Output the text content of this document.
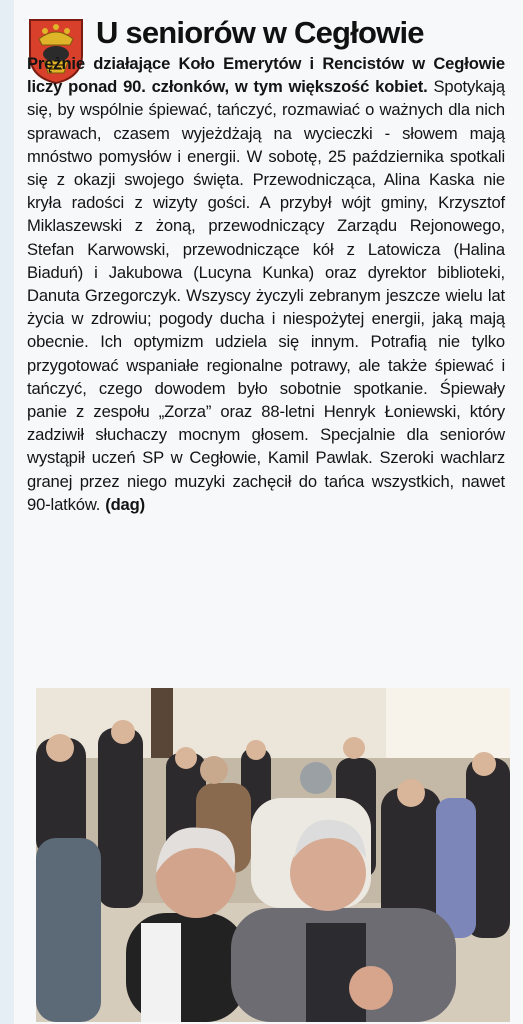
U seniorów w Cegłowie

Prężnie działające Koło Emerytów i Rencistów w Cegłowie liczy ponad 90. członków, w tym większość kobiet. Spotykają się, by wspólnie śpiewać, tańczyć, rozmawiać o ważnych dla nich sprawach, czasem wyjeżdżają na wycieczki - słowem mają mnóstwo pomysłów i energii. W sobotę, 25 października spotkali się z okazji swojego święta. Przewodnicząca, Alina Kaska nie kryła radości z wizyty gości. A przybył wójt gminy, Krzysztof Miklaszewski z żoną, przewodniczący Zarządu Rejonowego, Stefan Karwowski, przewodniczące kół z Latowicza (Halina Biaduń) i Jakubowa (Lucyna Kunka) oraz dyrektor biblioteki, Danuta Grzegorczyk. Wszyscy życzyli zebranym jeszcze wielu lat życia w zdrowiu; pogody ducha i niespożytej energii, jaką mają obecnie. Ich optymizm udziela się innym. Potrafią nie tylko przygotować wspaniałe regionalne potrawy, ale także śpiewać i tańczyć, czego dowodem było sobotnie spotkanie. Śpiewały panie z zespołu „Zorza” oraz 88-letni Henryk Łoniewski, który zadziwił słuchaczy mocnym głosem. Specjalnie dla seniorów wystąpił uczeń SP w Cegłowie, Kamil Pawlak. Szeroki wachlarz granej przez niego muzyki zachęcił do tańca wszystkich, nawet 90-latków. (dag)
